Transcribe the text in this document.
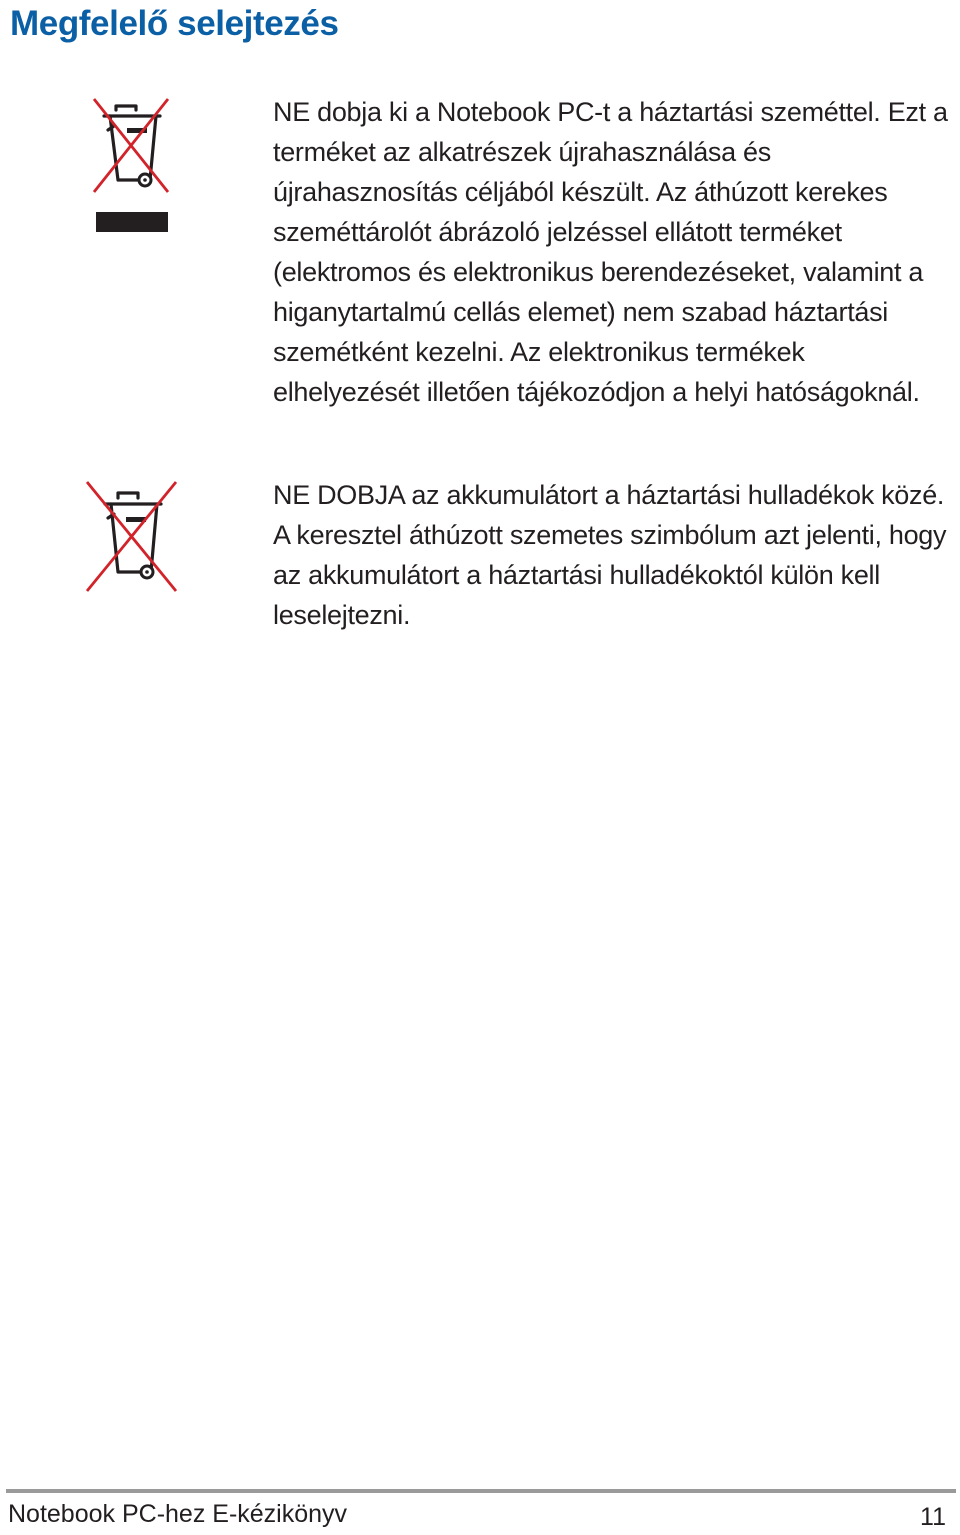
Megfelelő selejtezés

NE dobja ki a Notebook PC-t a háztartási szeméttel. Ezt a terméket az alkatrészek újrahasználása és újrahasznosítás céljából készült. Az áthúzott kerekes szeméttárolót ábrázoló jelzéssel ellátott terméket (elektromos és elektronikus berendezéseket, valamint a higanytartalmú cellás elemet) nem szabad háztartási szemétként kezelni. Az elektronikus termékek elhelyezését illetően tájékozódjon a helyi hatóságoknál.

NE DOBJA az akkumulátort a háztartási hulladékok közé. A keresztel áthúzott szemetes szimbólum azt jelenti, hogy az akkumulátort a háztartási hulladékoktól külön kell leselejtezni.

Notebook PC-hez E-kézikönyv	11
